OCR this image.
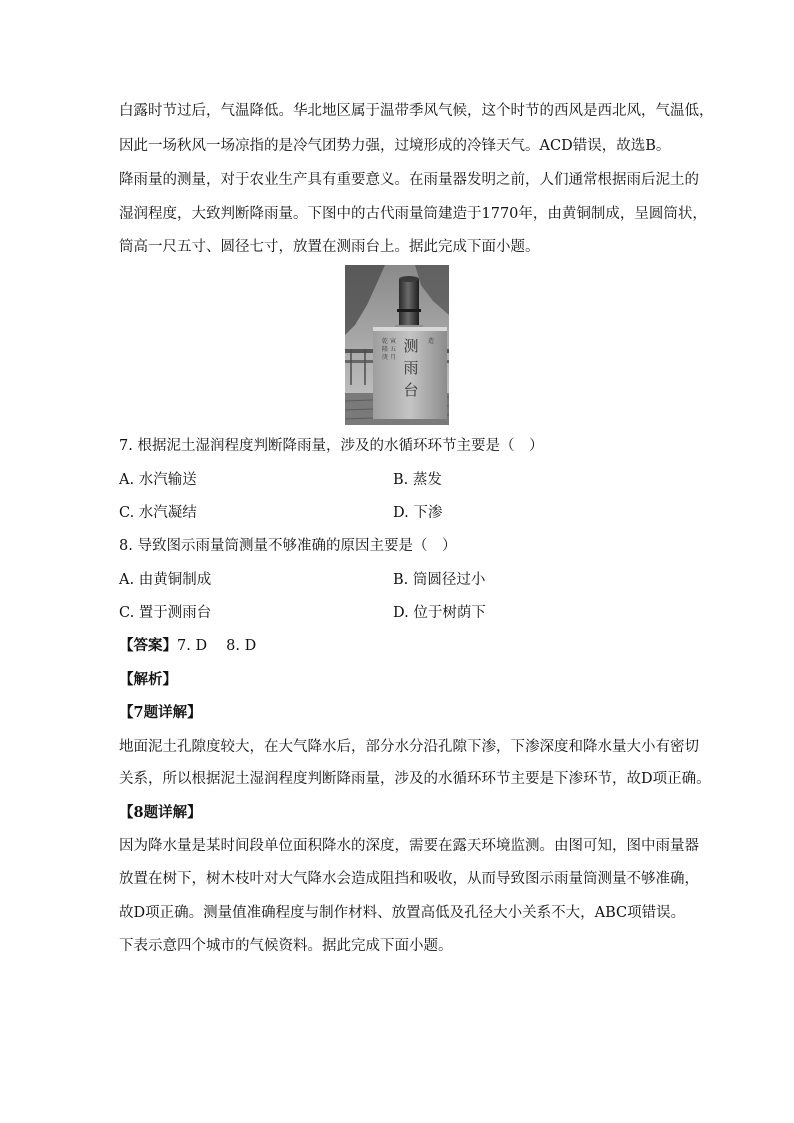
白露时节过后，气温降低。华北地区属于温带季风气候，这个时节的西风是西北风，气温低，
因此一场秋风一场凉指的是冷气团势力强，过境形成的冷锋天气。ACD错误，故选B。
降雨量的测量，对于农业生产具有重要意义。在雨量器发明之前，人们通常根据雨后泥土的
湿润程度，大致判断降雨量。下图中的古代雨量筒建造于1770年，由黄铜制成，呈圆筒状，
筒高一尺五寸、圆径七寸，放置在测雨台上。据此完成下面小题。
测
雨
台
乾
隆
庚
寅
五
月
造
7. 根据泥土湿润程度判断降雨量，涉及的水循环环节主要是（　）
A. 水汽输送	B. 蒸发
C. 水汽凝结	D. 下渗
8. 导致图示雨量筒测量不够准确的原因主要是（　）
A. 由黄铜制成	B. 筒圆径过小
C. 置于测雨台	D. 位于树荫下
【答案】7. D　 8. D
【解析】
【7题详解】
地面泥土孔隙度较大，在大气降水后，部分水分沿孔隙下渗，下渗深度和降水量大小有密切
关系，所以根据泥土湿润程度判断降雨量，涉及的水循环环节主要是下渗环节，故D项正确。
【8题详解】
因为降水量是某时间段单位面积降水的深度，需要在露天环境监测。由图可知，图中雨量器
放置在树下，树木枝叶对大气降水会造成阻挡和吸收，从而导致图示雨量筒测量不够准确，
故D项正确。测量值准确程度与制作材料、放置高低及孔径大小关系不大，ABC项错误。
下表示意四个城市的气候资料。据此完成下面小题。
